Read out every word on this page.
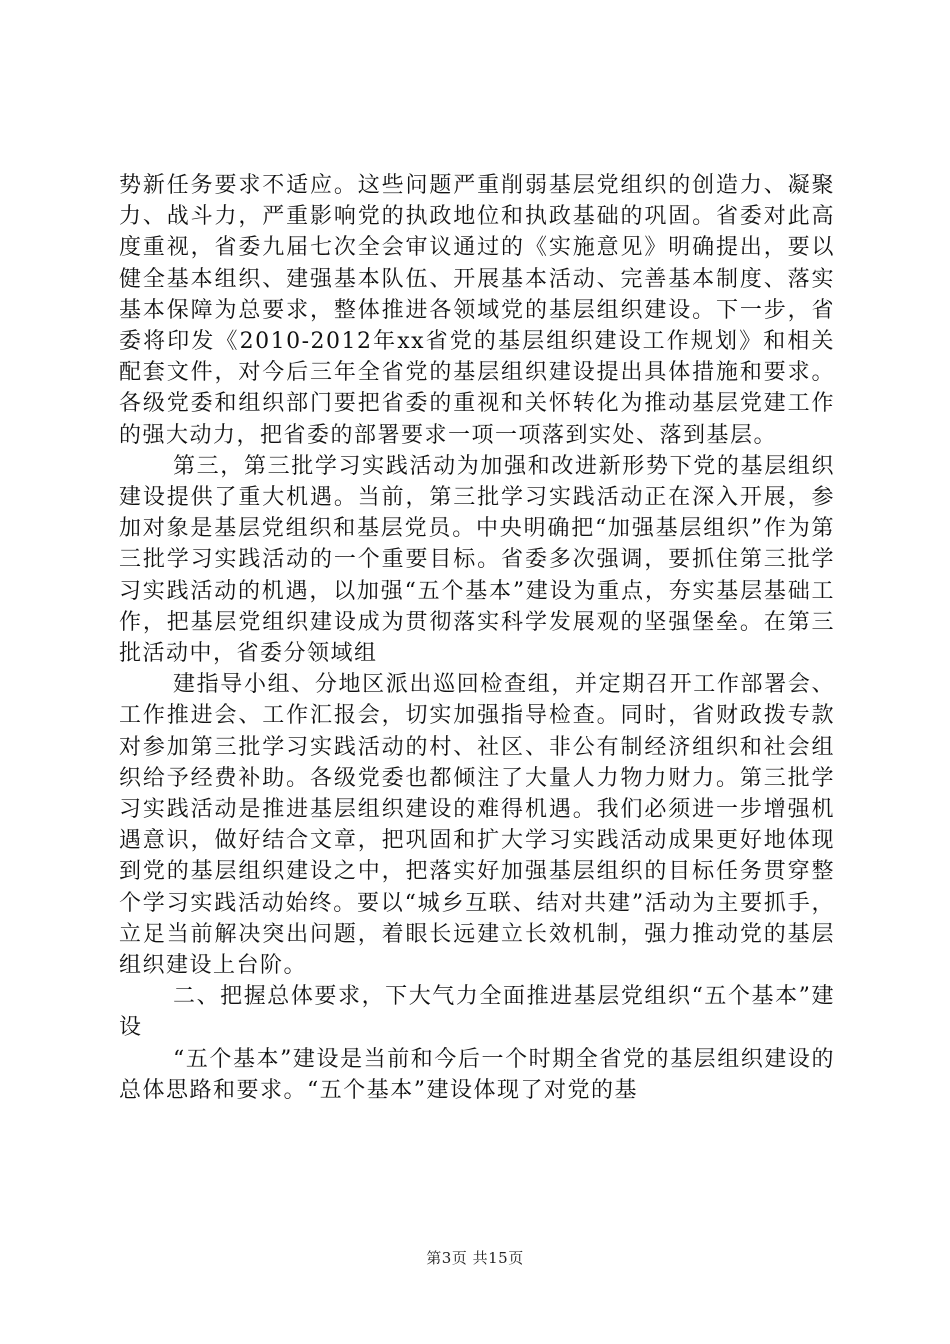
势新任务要求不适应。这些问题严重削弱基层党组织的创造力、凝聚力、战斗力，严重影响党的执政地位和执政基础的巩固。省委对此高度重视，省委九届七次全会审议通过的《实施意见》明确提出，要以健全基本组织、建强基本队伍、开展基本活动、完善基本制度、落实基本保障为总要求，整体推进各领域党的基层组织建设。下一步，省委将印发《2010-2012年xx省党的基层组织建设工作规划》和相关配套文件，对今后三年全省党的基层组织建设提出具体措施和要求。各级党委和组织部门要把省委的重视和关怀转化为推动基层党建工作的强大动力，把省委的部署要求一项一项落到实处、落到基层。

第三，第三批学习实践活动为加强和改进新形势下党的基层组织建设提供了重大机遇。当前，第三批学习实践活动正在深入开展，参加对象是基层党组织和基层党员。中央明确把“加强基层组织”作为第三批学习实践活动的一个重要目标。省委多次强调，要抓住第三批学习实践活动的机遇，以加强“五个基本”建设为重点，夯实基层基础工作，把基层党组织建设成为贯彻落实科学发展观的坚强堡垒。在第三批活动中，省委分领域组

建指导小组、分地区派出巡回检查组，并定期召开工作部署会、工作推进会、工作汇报会，切实加强指导检查。同时，省财政拨专款对参加第三批学习实践活动的村、社区、非公有制经济组织和社会组织给予经费补助。各级党委也都倾注了大量人力物力财力。第三批学习实践活动是推进基层组织建设的难得机遇。我们必须进一步增强机遇意识，做好结合文章，把巩固和扩大学习实践活动成果更好地体现到党的基层组织建设之中，把落实好加强基层组织的目标任务贯穿整个学习实践活动始终。要以“城乡互联、结对共建”活动为主要抓手，立足当前解决突出问题，着眼长远建立长效机制，强力推动党的基层组织建设上台阶。

二、把握总体要求，下大气力全面推进基层党组织“五个基本”建设

“五个基本”建设是当前和今后一个时期全省党的基层组织建设的总体思路和要求。“五个基本”建设体现了对党的基

第3页 共15页
